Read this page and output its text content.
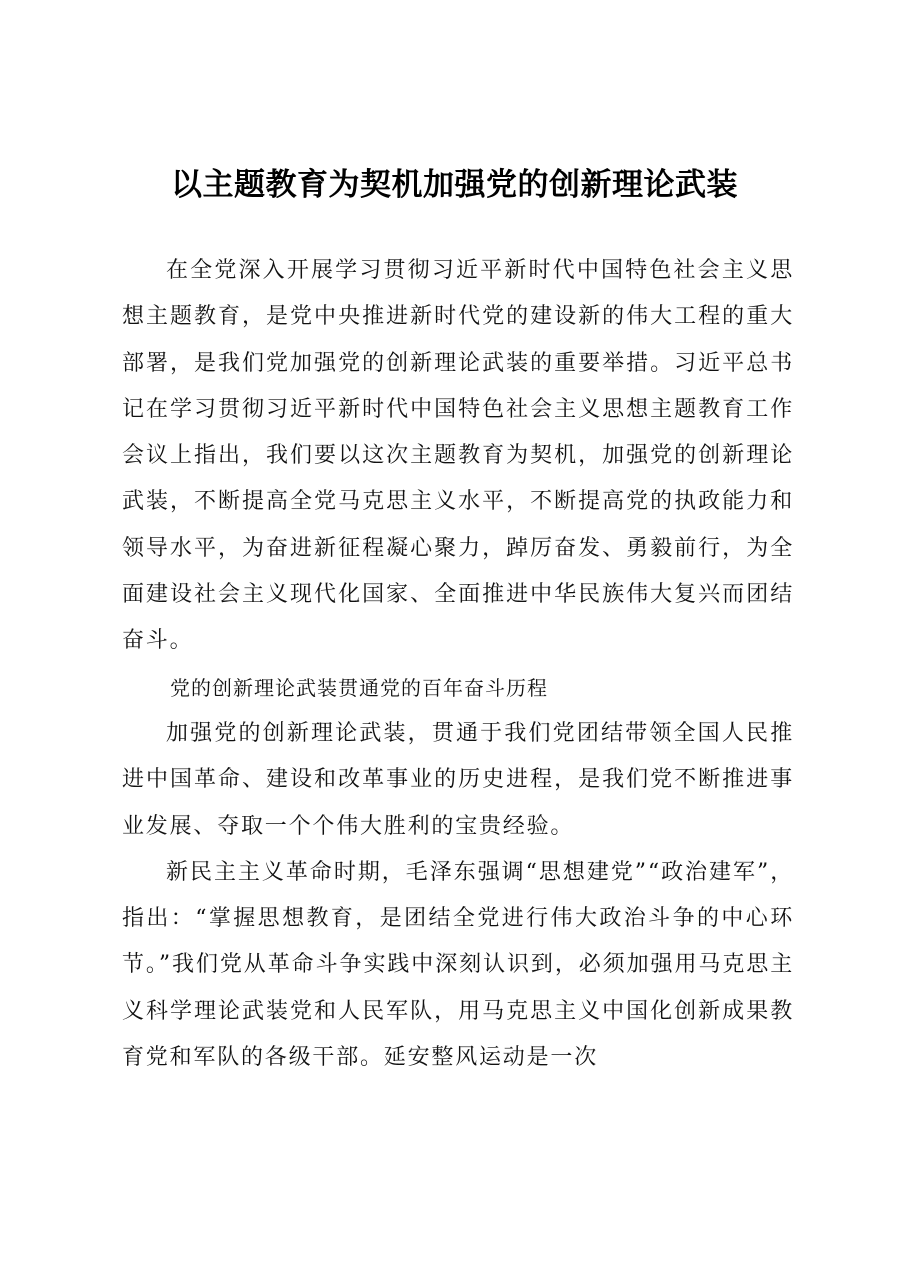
以主题教育为契机加强党的创新理论武装

在全党深入开展学习贯彻习近平新时代中国特色社会主义思想主题教育，是党中央推进新时代党的建设新的伟大工程的重大部署，是我们党加强党的创新理论武装的重要举措。习近平总书记在学习贯彻习近平新时代中国特色社会主义思想主题教育工作会议上指出，我们要以这次主题教育为契机，加强党的创新理论武装，不断提高全党马克思主义水平，不断提高党的执政能力和领导水平，为奋进新征程凝心聚力，踔厉奋发、勇毅前行，为全面建设社会主义现代化国家、全面推进中华民族伟大复兴而团结奋斗。

党的创新理论武装贯通党的百年奋斗历程

加强党的创新理论武装，贯通于我们党团结带领全国人民推进中国革命、建设和改革事业的历史进程，是我们党不断推进事业发展、夺取一个个伟大胜利的宝贵经验。

新民主主义革命时期，毛泽东强调“思想建党”“政治建军”，指出：“掌握思想教育，是团结全党进行伟大政治斗争的中心环节。”我们党从革命斗争实践中深刻认识到，必须加强用马克思主义科学理论武装党和人民军队，用马克思主义中国化创新成果教育党和军队的各级干部。延安整风运动是一次
